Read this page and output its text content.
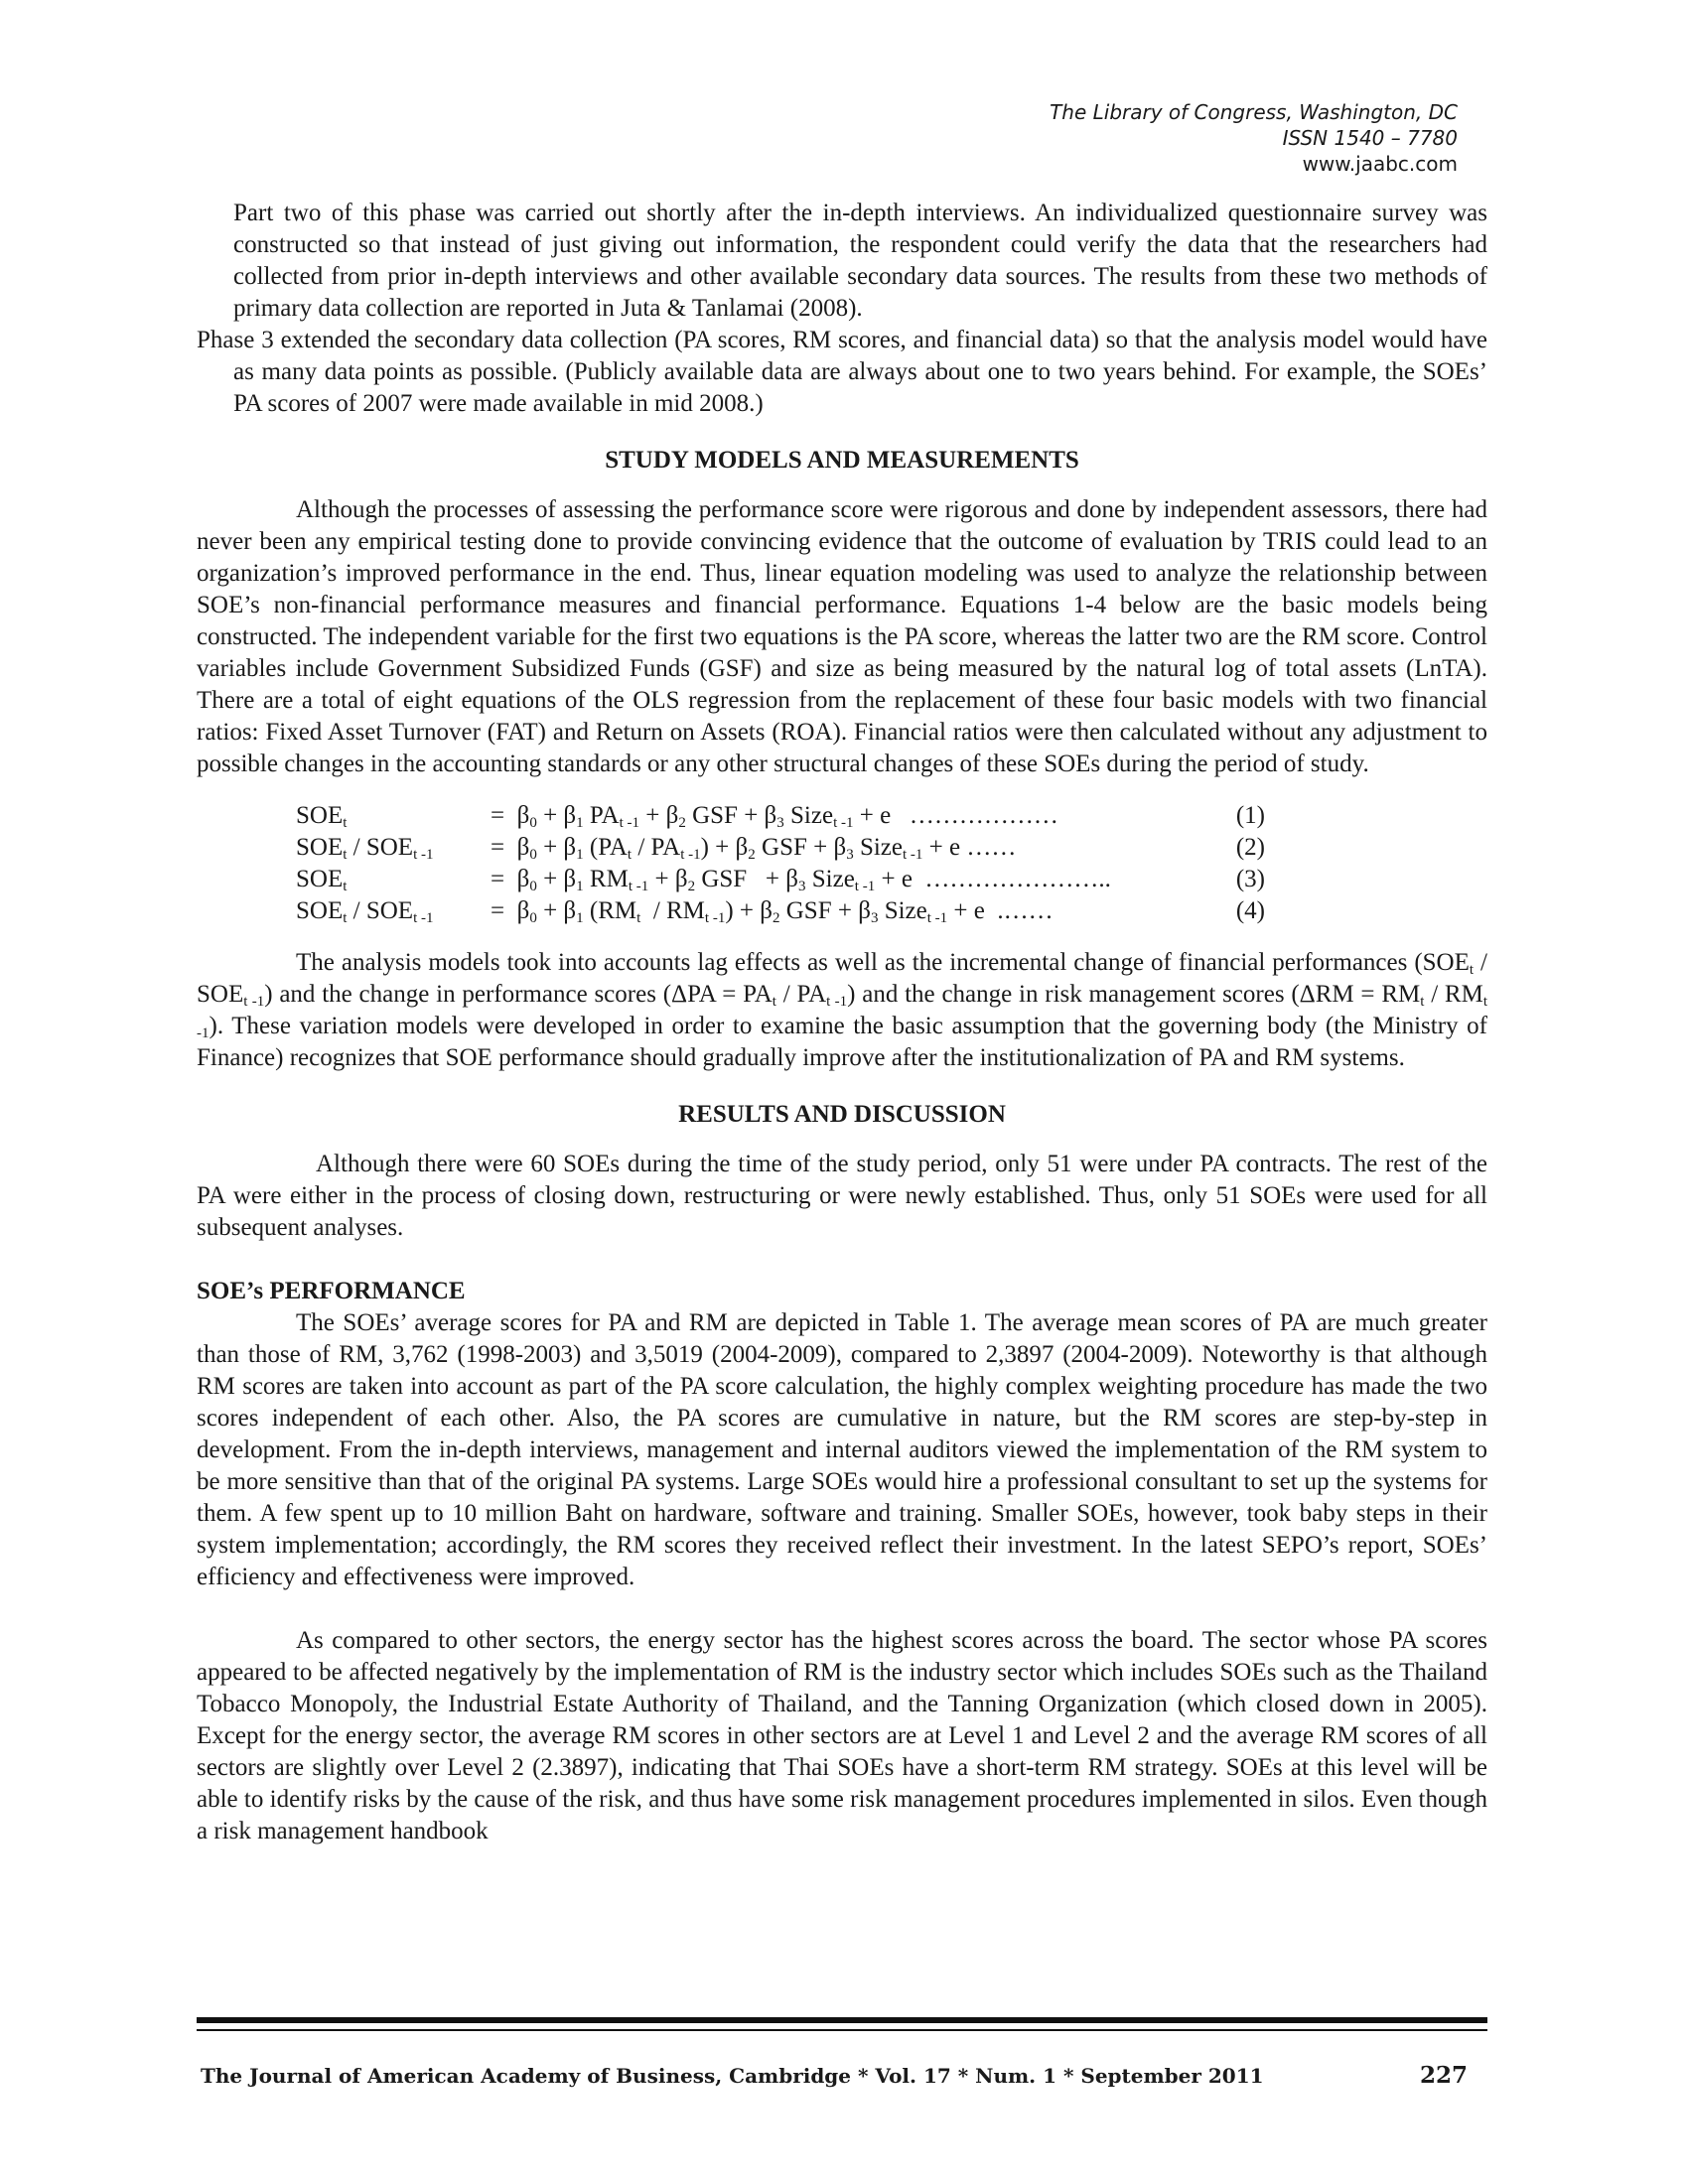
The Library of Congress, Washington, DC
ISSN 1540 – 7780
www.jaabc.com

Part two of this phase was carried out shortly after the in-depth interviews. An individualized questionnaire survey was constructed so that instead of just giving out information, the respondent could verify the data that the researchers had collected from prior in-depth interviews and other available secondary data sources. The results from these two methods of primary data collection are reported in Juta & Tanlamai (2008).

Phase 3 extended the secondary data collection (PA scores, RM scores, and financial data) so that the analysis model would have as many data points as possible. (Publicly available data are always about one to two years behind. For example, the SOEs’ PA scores of 2007 were made available in mid 2008.)

STUDY MODELS AND MEASUREMENTS

Although the processes of assessing the performance score were rigorous and done by independent assessors, there had never been any empirical testing done to provide convincing evidence that the outcome of evaluation by TRIS could lead to an organization’s improved performance in the end. Thus, linear equation modeling was used to analyze the relationship between SOE’s non-financial performance measures and financial performance. Equations 1-4 below are the basic models being constructed. The independent variable for the first two equations is the PA score, whereas the latter two are the RM score. Control variables include Government Subsidized Funds (GSF) and size as being measured by the natural log of total assets (LnTA). There are a total of eight equations of the OLS regression from the replacement of these four basic models with two financial ratios: Fixed Asset Turnover (FAT) and Return on Assets (ROA). Financial ratios were then calculated without any adjustment to possible changes in the accounting standards or any other structural changes of these SOEs during the period of study.

$SOE_t$	=  $\beta_0 + \beta_1$ $PA_{t -1} + \beta_2$ GSF + $\beta_3$ Size$_{t -1}$ + e   ………………	(1)
$SOE_t / SOE_{t -1}$	=  $\beta_0 + \beta_1$ $(PA_t / PA_{t -1}) + \beta_2$ GSF + $\beta_3$ Size$_{t -1}$ + e ……	(2)
$SOE_t$	=  $\beta_0 + \beta_1$ $RM_{t -1} + \beta_2$ GSF   + $\beta_3$ Size$_{t -1}$ + e  …………………..	(3)
$SOE_t / SOE_{t -1}$	=  $\beta_0 + \beta_1$ $(RM_t / RM_{t -1}) + \beta_2$ GSF + $\beta_3$ Size$_{t -1}$ + e  .……	(4)

The analysis models took into accounts lag effects as well as the incremental change of financial performances $(SOE_t / SOE_{t -1})$ and the change in performance scores $(\Delta PA = PA_t / PA_{t -1})$ and the change in risk management scores $(\Delta RM = RM_t / RM_{t -1})$. These variation models were developed in order to examine the basic assumption that the governing body (the Ministry of Finance) recognizes that SOE performance should gradually improve after the institutionalization of PA and RM systems.

RESULTS AND DISCUSSION

Although there were 60 SOEs during the time of the study period, only 51 were under PA contracts. The rest of the PA were either in the process of closing down, restructuring or were newly established. Thus, only 51 SOEs were used for all subsequent analyses.

SOE’s PERFORMANCE

The SOEs’ average scores for PA and RM are depicted in Table 1. The average mean scores of PA are much greater than those of RM, 3,762 (1998-2003) and 3,5019 (2004-2009), compared to 2,3897 (2004-2009). Noteworthy is that although RM scores are taken into account as part of the PA score calculation, the highly complex weighting procedure has made the two scores independent of each other. Also, the PA scores are cumulative in nature, but the RM scores are step-by-step in development. From the in-depth interviews, management and internal auditors viewed the implementation of the RM system to be more sensitive than that of the original PA systems. Large SOEs would hire a professional consultant to set up the systems for them. A few spent up to 10 million Baht on hardware, software and training. Smaller SOEs, however, took baby steps in their system implementation; accordingly, the RM scores they received reflect their investment. In the latest SEPO’s report, SOEs’ efficiency and effectiveness were improved.

As compared to other sectors, the energy sector has the highest scores across the board. The sector whose PA scores appeared to be affected negatively by the implementation of RM is the industry sector which includes SOEs such as the Thailand Tobacco Monopoly, the Industrial Estate Authority of Thailand, and the Tanning Organization (which closed down in 2005). Except for the energy sector, the average RM scores in other sectors are at Level 1 and Level 2 and the average RM scores of all sectors are slightly over Level 2 (2.3897), indicating that Thai SOEs have a short-term RM strategy. SOEs at this level will be able to identify risks by the cause of the risk, and thus have some risk management procedures implemented in silos. Even though a risk management handbook

The Journal of American Academy of Business, Cambridge * Vol. 17 * Num. 1 * September 2011	227
